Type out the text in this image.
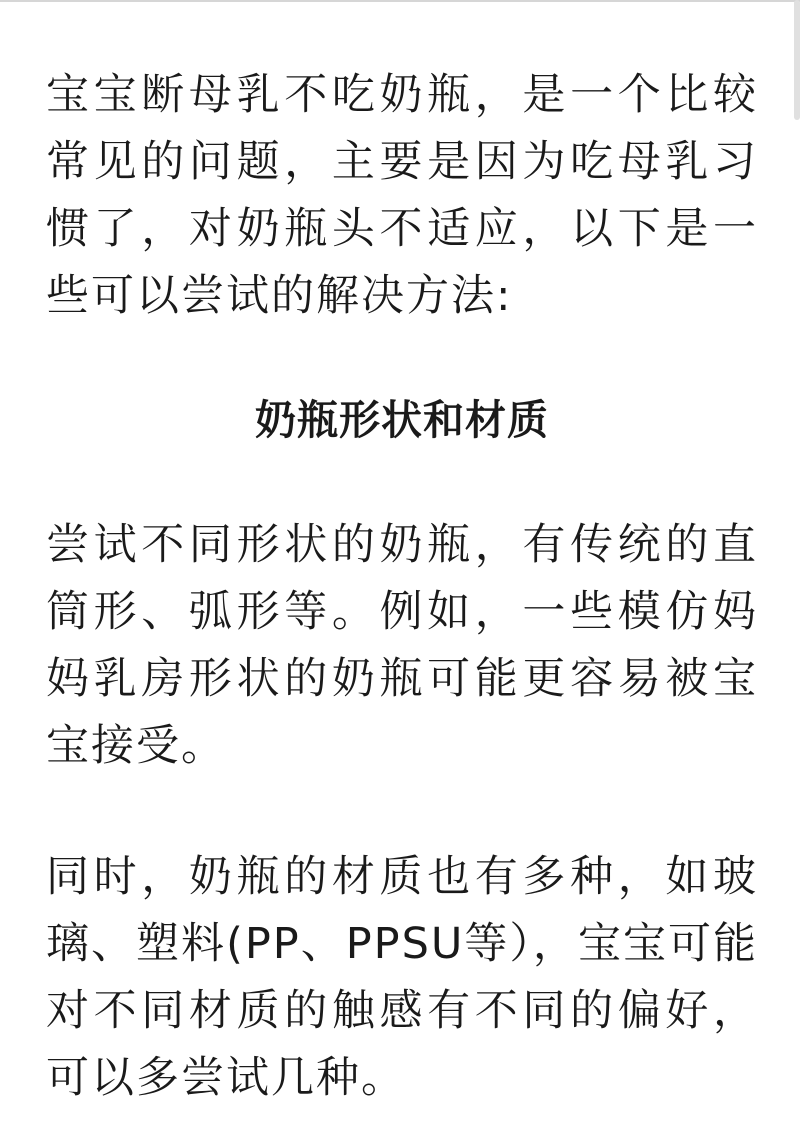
宝宝断母乳不吃奶瓶，是一个比较常见的问题，主要是因为吃母乳习惯了，对奶瓶头不适应，以下是一些可以尝试的解决方法:

奶瓶形状和材质

尝试不同形状的奶瓶，有传统的直筒形、弧形等。例如，一些模仿妈妈乳房形状的奶瓶可能更容易被宝宝接受。

同时，奶瓶的材质也有多种，如玻璃、塑料(PP、PPSU等），宝宝可能对不同材质的触感有不同的偏好，可以多尝试几种。
